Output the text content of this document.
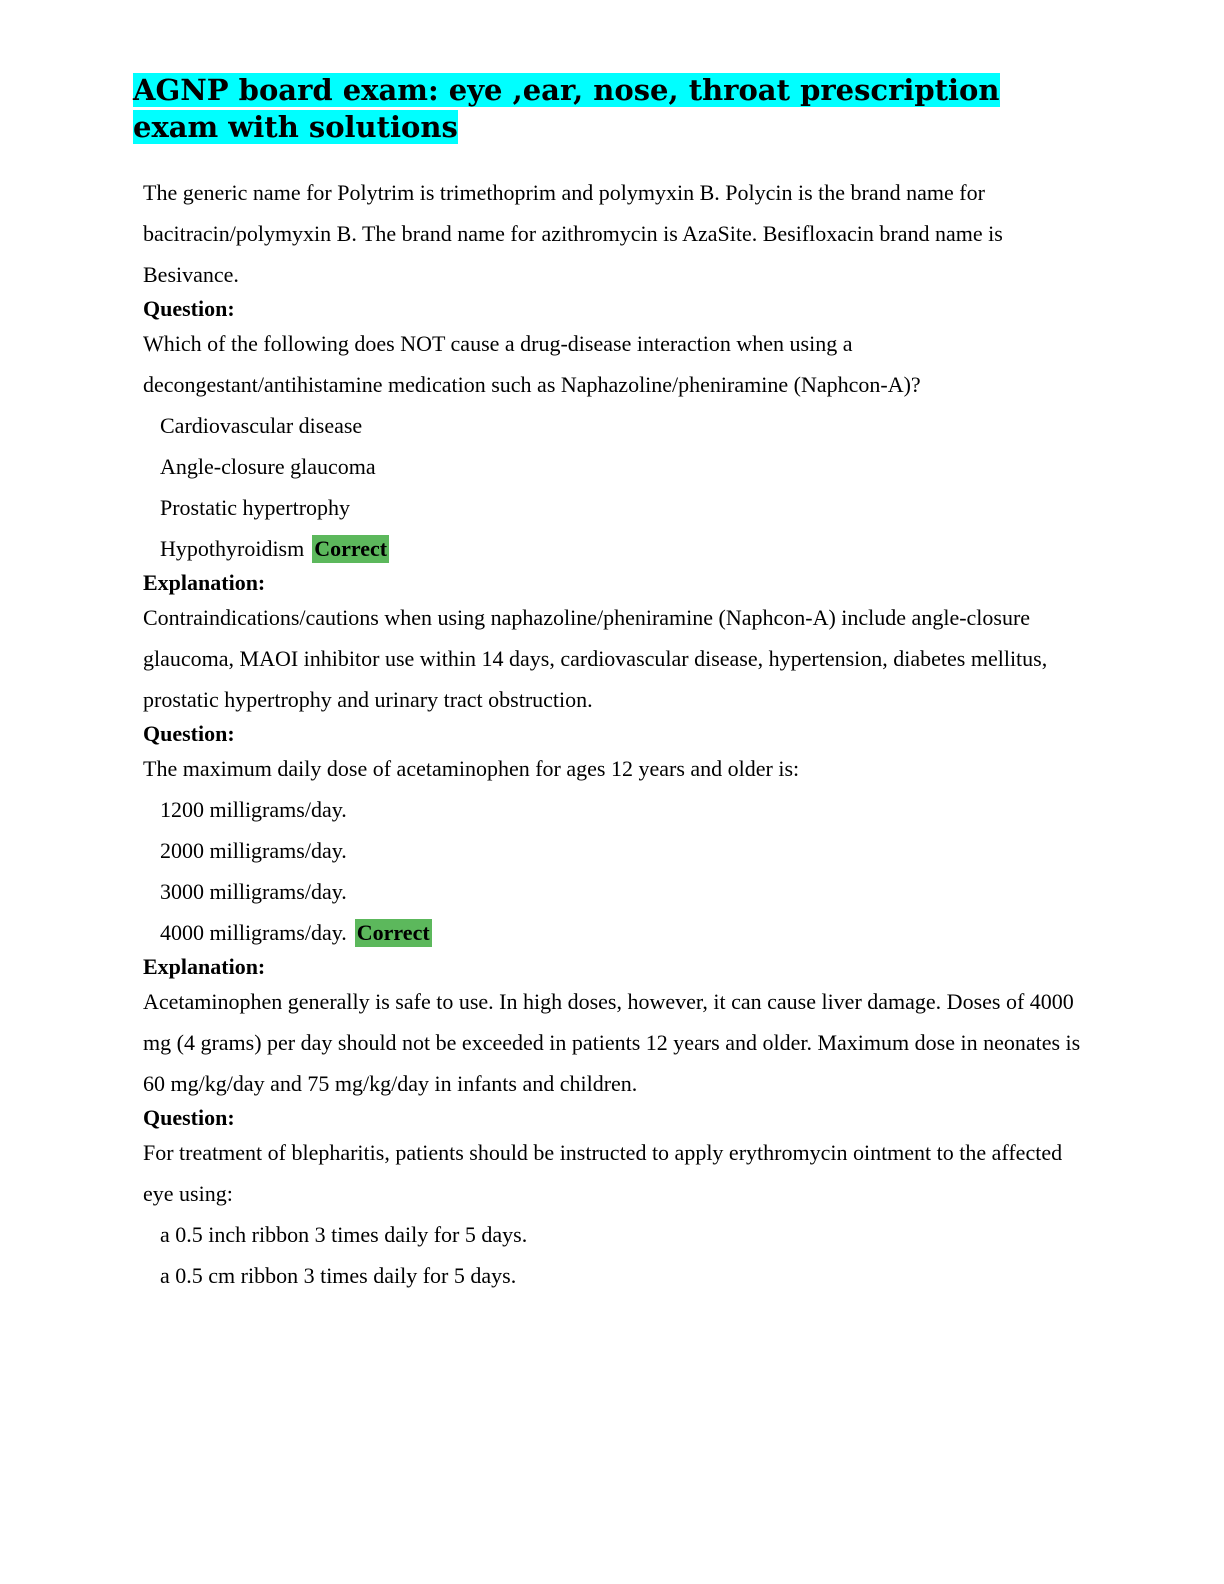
AGNP board exam: eye ,ear, nose, throat prescription exam with solutions

The generic name for Polytrim is trimethoprim and polymyxin B. Polycin is the brand name for bacitracin/polymyxin B. The brand name for azithromycin is AzaSite. Besifloxacin brand name is Besivance.

Question:

Which of the following does NOT cause a drug-disease interaction when using a decongestant/antihistamine medication such as Naphazoline/pheniramine (Naphcon-A)?

Cardiovascular disease

Angle-closure glaucoma

Prostatic hypertrophy

Hypothyroidism Correct

Explanation:

Contraindications/cautions when using naphazoline/pheniramine (Naphcon-A) include angle-closure glaucoma, MAOI inhibitor use within 14 days, cardiovascular disease, hypertension, diabetes mellitus, prostatic hypertrophy and urinary tract obstruction.

Question:

The maximum daily dose of acetaminophen for ages 12 years and older is:

1200 milligrams/day.

2000 milligrams/day.

3000 milligrams/day.

4000 milligrams/day. Correct

Explanation:

Acetaminophen generally is safe to use. In high doses, however, it can cause liver damage. Doses of 4000 mg (4 grams) per day should not be exceeded in patients 12 years and older. Maximum dose in neonates is 60 mg/kg/day and 75 mg/kg/day in infants and children.

Question:

For treatment of blepharitis, patients should be instructed to apply erythromycin ointment to the affected eye using:

a 0.5 inch ribbon 3 times daily for 5 days.

a 0.5 cm ribbon 3 times daily for 5 days.
